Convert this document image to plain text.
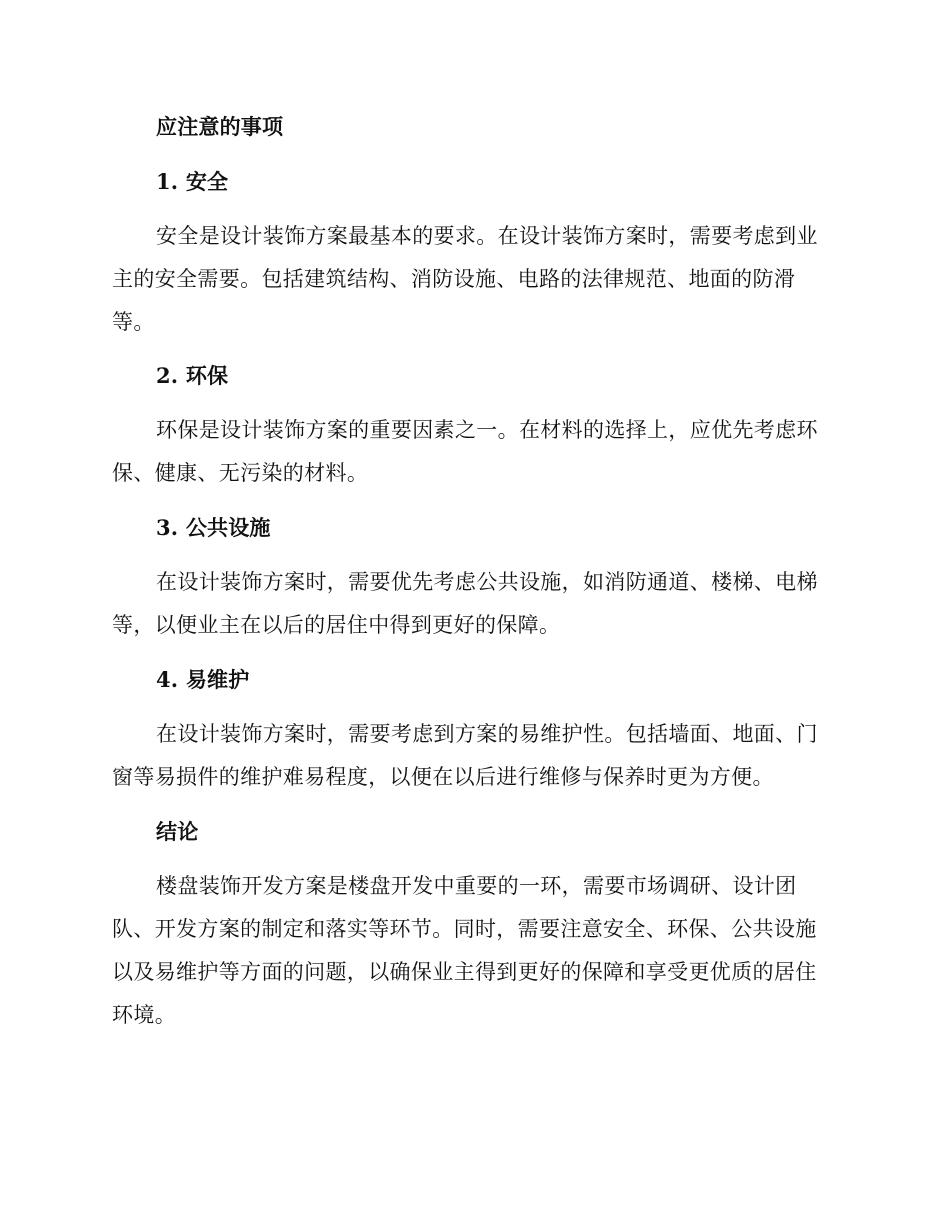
应注意的事项
1. 安全

安全是设计装饰方案最基本的要求。在设计装饰方案时，需要考虑到业主的安全需要。包括建筑结构、消防设施、电路的法律规范、地面的防滑等。

2. 环保

环保是设计装饰方案的重要因素之一。在材料的选择上，应优先考虑环保、健康、无污染的材料。

3. 公共设施

在设计装饰方案时，需要优先考虑公共设施，如消防通道、楼梯、电梯等，以便业主在以后的居住中得到更好的保障。

4. 易维护

在设计装饰方案时，需要考虑到方案的易维护性。包括墙面、地面、门窗等易损件的维护难易程度，以便在以后进行维修与保养时更为方便。

结论

楼盘装饰开发方案是楼盘开发中重要的一环，需要市场调研、设计团队、开发方案的制定和落实等环节。同时，需要注意安全、环保、公共设施以及易维护等方面的问题，以确保业主得到更好的保障和享受更优质的居住环境。
